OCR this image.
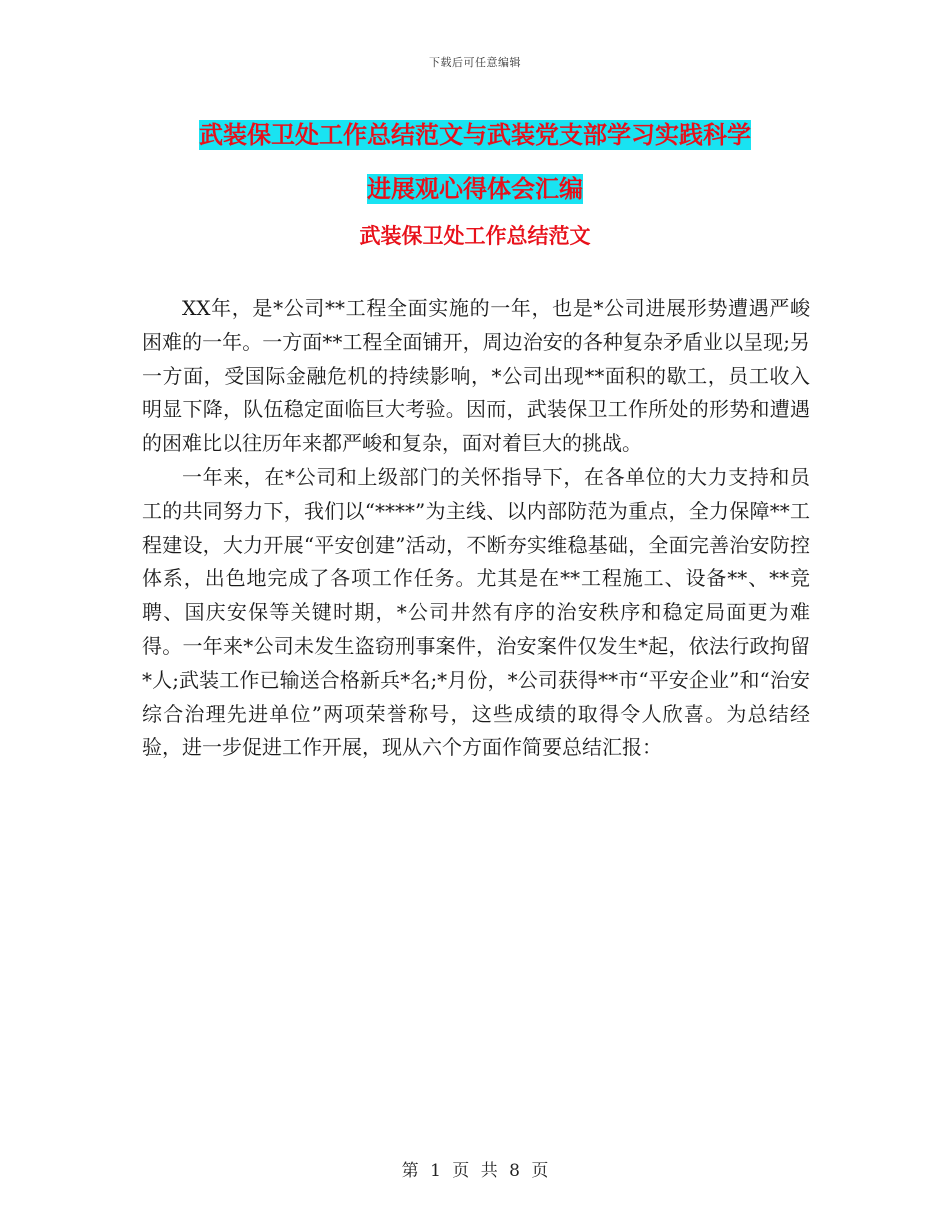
下载后可任意编辑
武装保卫处工作总结范文与武装党支部学习实践科学
进展观心得体会汇编
武装保卫处工作总结范文

XX年，是*公司**工程全面实施的一年，也是*公司进展形势遭遇严峻困难的一年。一方面**工程全面铺开，周边治安的各种复杂矛盾业以呈现;另一方面，受国际金融危机的持续影响，*公司出现**面积的歇工，员工收入明显下降，队伍稳定面临巨大考验。因而，武装保卫工作所处的形势和遭遇的困难比以往历年来都严峻和复杂，面对着巨大的挑战。

一年来，在*公司和上级部门的关怀指导下，在各单位的大力支持和员工的共同努力下，我们以“****”为主线、以内部防范为重点，全力保障**工程建设，大力开展“平安创建”活动，不断夯实维稳基础，全面完善治安防控体系，出色地完成了各项工作任务。尤其是在**工程施工、设备**、**竞聘、国庆安保等关键时期，*公司井然有序的治安秩序和稳定局面更为难得。一年来*公司未发生盗窃刑事案件，治安案件仅发生*起，依法行政拘留*人;武装工作已输送合格新兵*名;*月份，*公司获得**市“平安企业”和“治安综合治理先进单位”两项荣誉称号，这些成绩的取得令人欣喜。为总结经验，进一步促进工作开展，现从六个方面作简要总结汇报：

第 1 页 共 8 页
